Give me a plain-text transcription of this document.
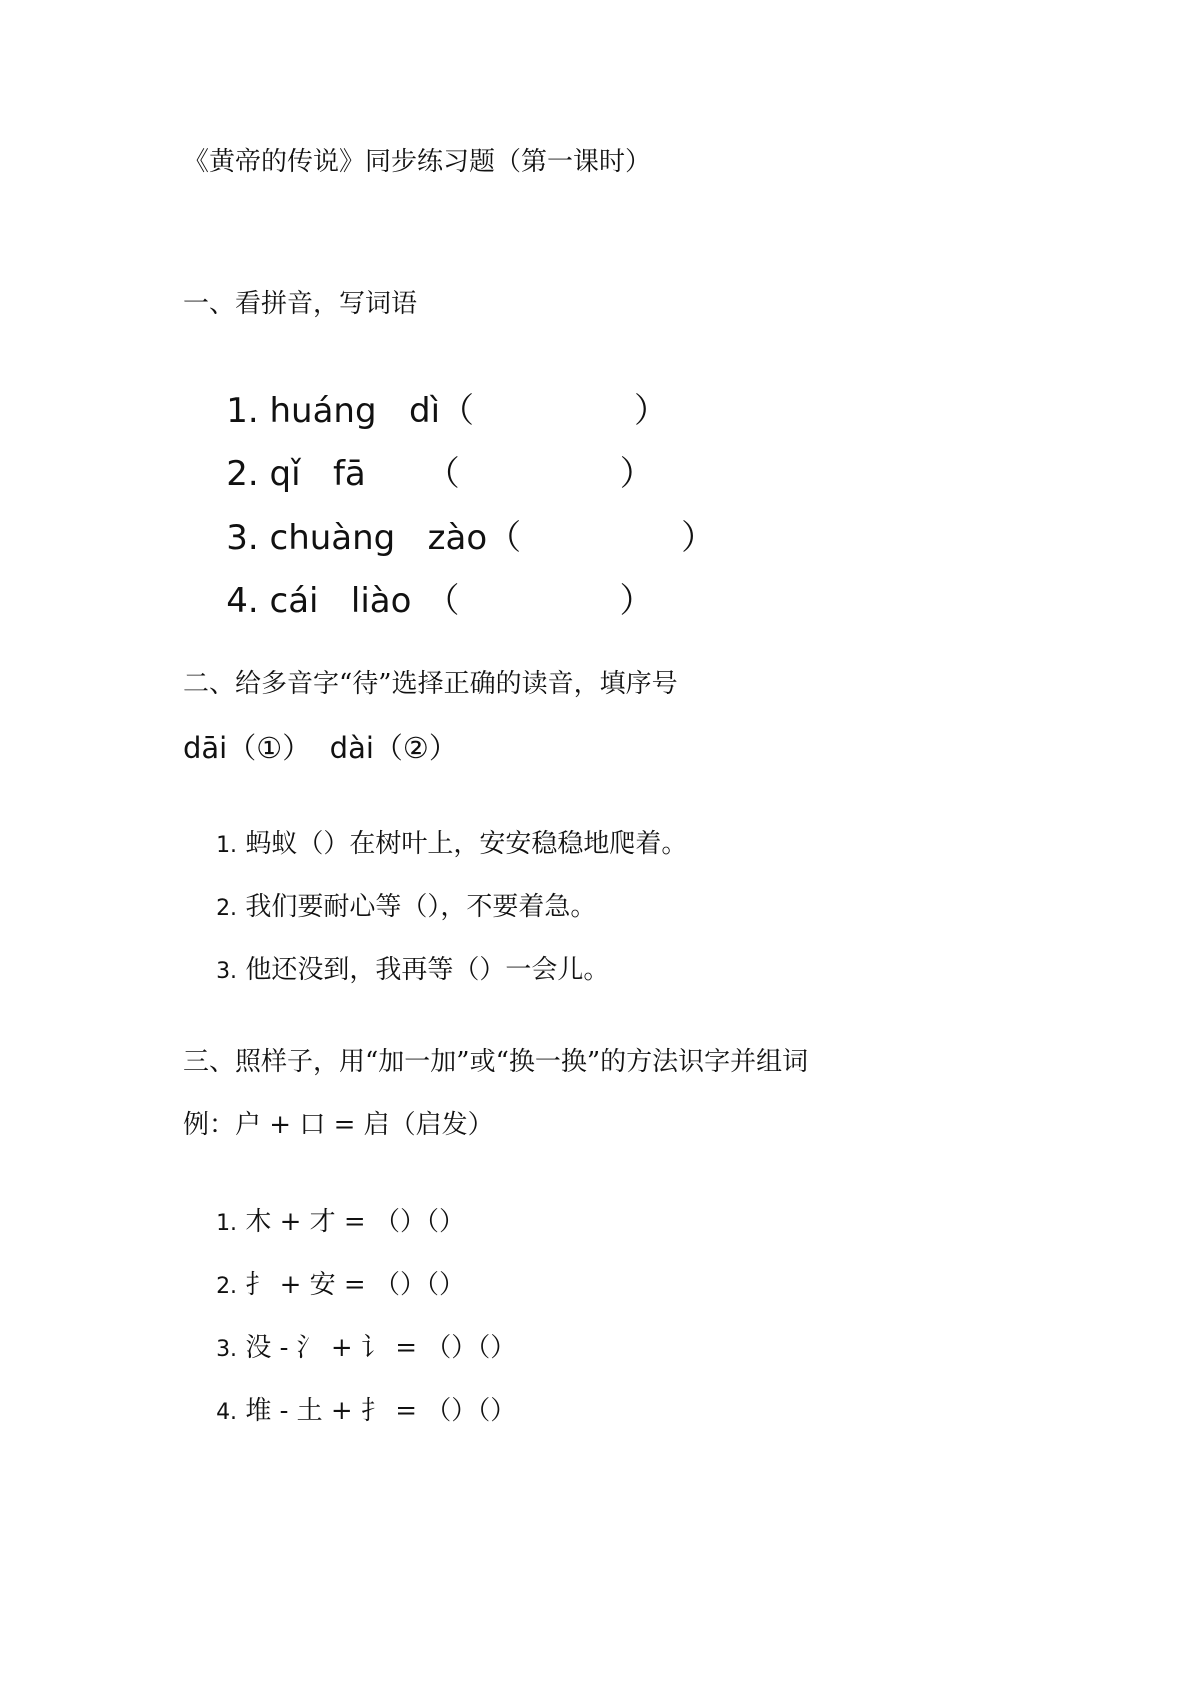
《黄帝的传说》同步练习题（第一课时）
一、看拼音，写词语

1. huáng   dì（	）

2. qǐ   fā （	）

3. chuàng   zào（	）

4. cái   liào （	）

二、给多音字“待”选择正确的读音，填序号
dāi（①）  dài（②）

1. 蚂蚁（）在树叶上，安安稳稳地爬着。

2. 我们要耐心等（），不要着急。

3. 他还没到，我再等（）一会儿。

三、照样子，用“加一加”或“换一换”的方法识字并组词
例：户 + 口 = 启（启发）

1. 木 + 才 = （）（）

2. 扌 + 安 = （）（）

3. 没 - 氵 + 讠 = （）（）

4. 堆 - 土 + 扌 = （）（）
